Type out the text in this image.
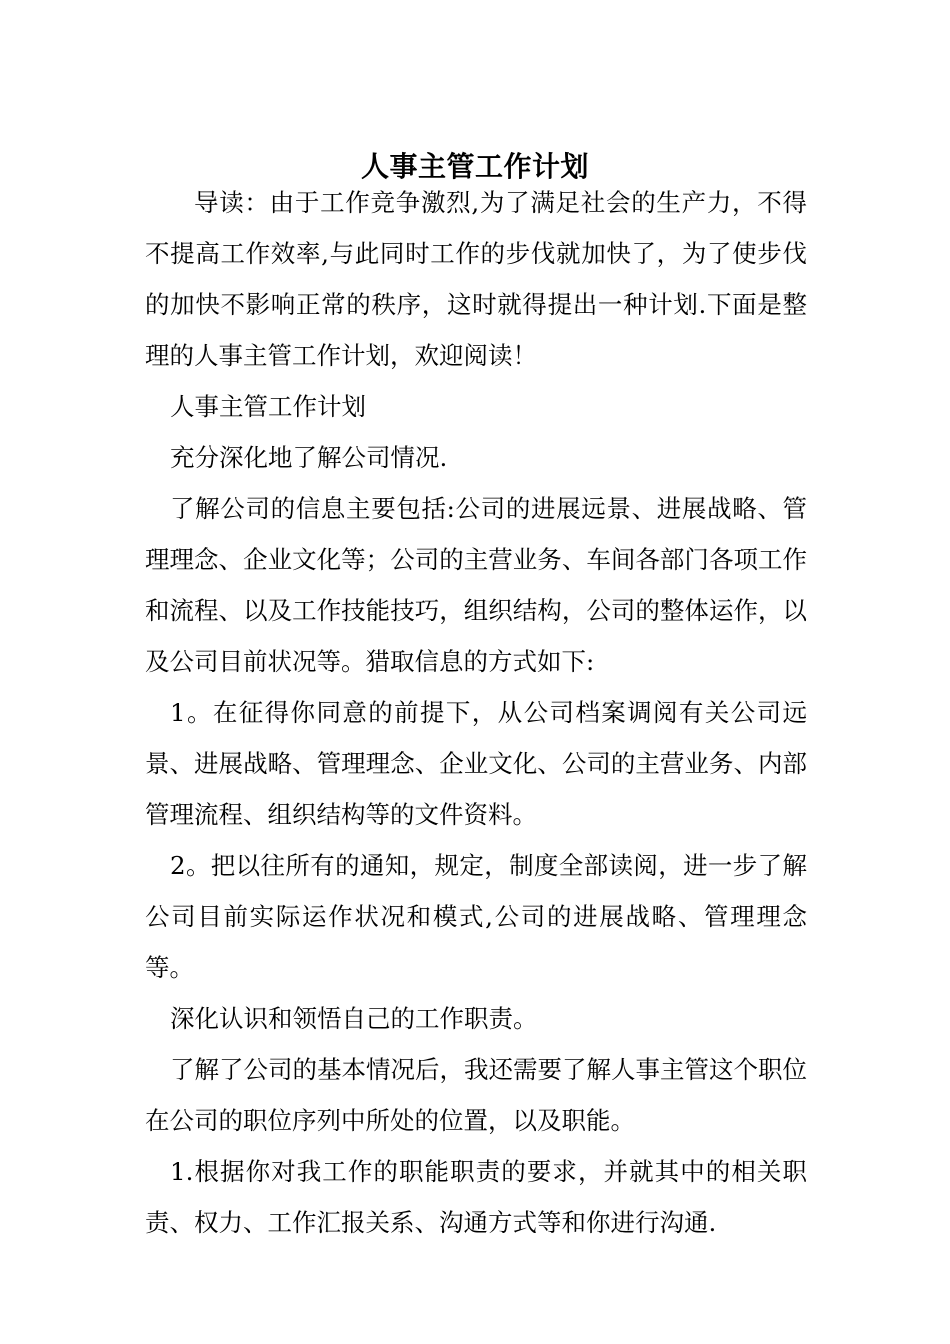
人事主管工作计划

导读：由于工作竞争激烈,为了满足社会的生产力，不得不提高工作效率,与此同时工作的步伐就加快了，为了使步伐的加快不影响正常的秩序，这时就得提出一种计划.下面是整理的人事主管工作计划，欢迎阅读！

人事主管工作计划

充分深化地了解公司情况.

了解公司的信息主要包括:公司的进展远景、进展战略、管理理念、企业文化等；公司的主营业务、车间各部门各项工作和流程、以及工作技能技巧，组织结构，公司的整体运作，以及公司目前状况等。猎取信息的方式如下:

1。在征得你同意的前提下，从公司档案调阅有关公司远景、进展战略、管理理念、企业文化、公司的主营业务、内部管理流程、组织结构等的文件资料。

2。把以往所有的通知，规定，制度全部读阅，进一步了解公司目前实际运作状况和模式,公司的进展战略、管理理念等。

深化认识和领悟自己的工作职责。

了解了公司的基本情况后，我还需要了解人事主管这个职位在公司的职位序列中所处的位置，以及职能。

1.根据你对我工作的职能职责的要求，并就其中的相关职责、权力、工作汇报关系、沟通方式等和你进行沟通.
